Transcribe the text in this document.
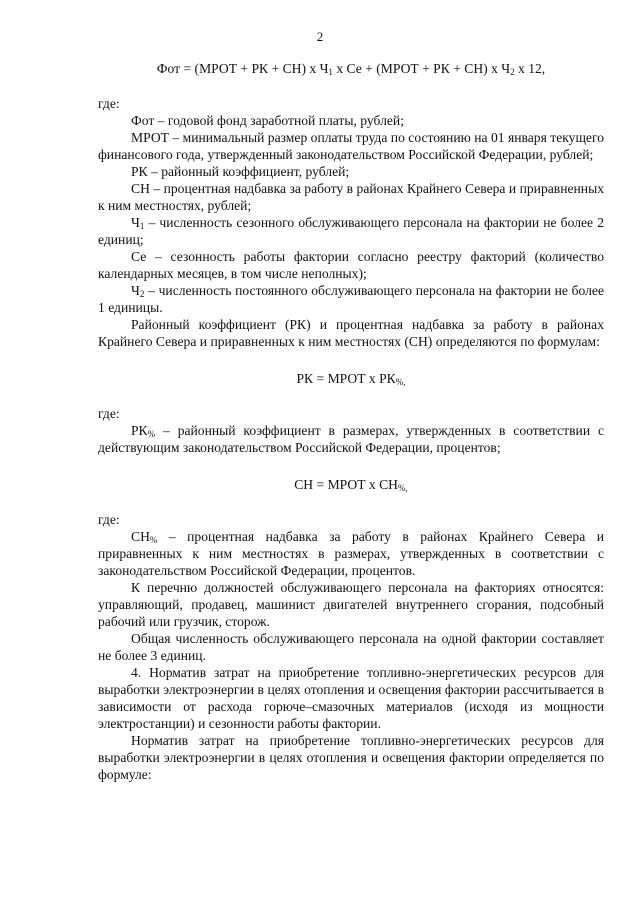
2

Фот = (МРОТ + РК + СН) х $Ч_1$ х Се + (МРОТ + РК + СН) х $Ч_2$ х 12,

где:

Фот – годовой фонд заработной платы, рублей;

МРОТ – минимальный размер оплаты труда по состоянию на 01 января текущего финансового года, утвержденный законодательством Российской Федерации, рублей;

РК – районный коэффициент, рублей;

СН – процентная надбавка за работу в районах Крайнего Севера и приравненных к ним местностях, рублей;

$Ч_1$ – численность сезонного обслуживающего персонала на фактории не более 2 единиц;

Се – сезонность работы фактории согласно реестру факторий (количество календарных месяцев, в том числе неполных);

$Ч_2$ – численность постоянного обслуживающего персонала на фактории не более 1 единицы.

Районный коэффициент (РК) и процентная надбавка за работу в районах Крайнего Севера и приравненных к ним местностях (СН) определяются по формулам:

РК = МРОТ х $РК_{\%,}$

где:

$РК_{\%}$ – районный коэффициент в размерах, утвержденных в соответствии с действующим законодательством Российской Федерации, процентов;

СН = МРОТ х $СН_{\%,}$

где:

$СН_{\%}$ – процентная надбавка за работу в районах Крайнего Севера и приравненных к ним местностях в размерах, утвержденных в соответствии с законодательством Российской Федерации, процентов.

К перечню должностей обслуживающего персонала на факториях относятся: управляющий, продавец, машинист двигателей внутреннего сгорания, подсобный рабочий или грузчик, сторож.

Общая численность обслуживающего персонала на одной фактории составляет не более 3 единиц.

4. Норматив затрат на приобретение топливно-энергетических ресурсов для выработки электроэнергии в целях отопления и освещения фактории рассчитывается в зависимости от расхода горюче–смазочных материалов (исходя из мощности электростанции) и сезонности работы фактории.

Норматив затрат на приобретение топливно-энергетических ресурсов для выработки электроэнергии в целях отопления и освещения фактории определяется по формуле:
